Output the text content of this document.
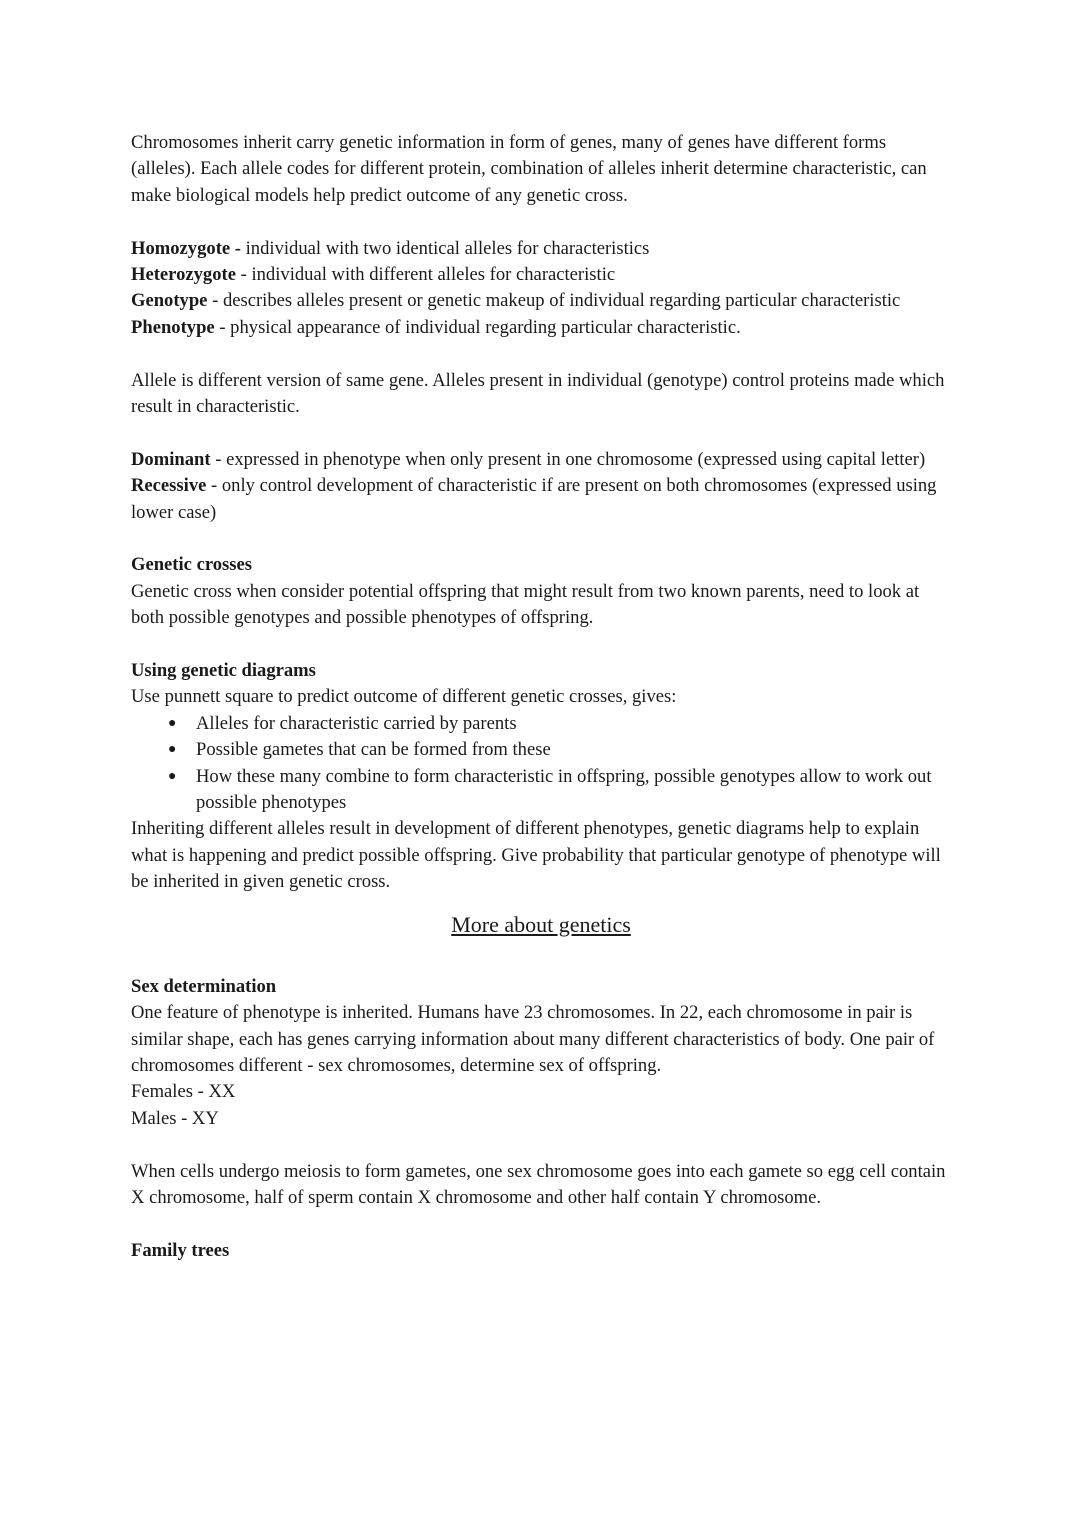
Chromosomes inherit carry genetic information in form of genes, many of genes have different forms (alleles). Each allele codes for different protein, combination of alleles inherit determine characteristic, can make biological models help predict outcome of any genetic cross.

Homozygote - individual with two identical alleles for characteristics

Heterozygote - individual with different alleles for characteristic

Genotype - describes alleles present or genetic makeup of individual regarding particular characteristic

Phenotype - physical appearance of individual regarding particular characteristic.

Allele is different version of same gene. Alleles present in individual (genotype) control proteins made which result in characteristic.

Dominant - expressed in phenotype when only present in one chromosome (expressed using capital letter)

Recessive - only control development of characteristic if are present on both chromosomes (expressed using lower case)

Genetic crosses

Genetic cross when consider potential offspring that might result from two known parents, need to look at both possible genotypes and possible phenotypes of offspring.

Using genetic diagrams

Use punnett square to predict outcome of different genetic crosses, gives:

● Alleles for characteristic carried by parents
● Possible gametes that can be formed from these
● How these many combine to form characteristic in offspring, possible genotypes allow to work out possible phenotypes

Inheriting different alleles result in development of different phenotypes, genetic diagrams help to explain what is happening and predict possible offspring. Give probability that particular genotype of phenotype will be inherited in given genetic cross.

More about genetics

Sex determination

One feature of phenotype is inherited. Humans have 23 chromosomes. In 22, each chromosome in pair is similar shape, each has genes carrying information about many different characteristics of body. One pair of chromosomes different - sex chromosomes, determine sex of offspring.

Females - XX

Males - XY

When cells undergo meiosis to form gametes, one sex chromosome goes into each gamete so egg cell contain X chromosome, half of sperm contain X chromosome and other half contain Y chromosome.

Family trees
